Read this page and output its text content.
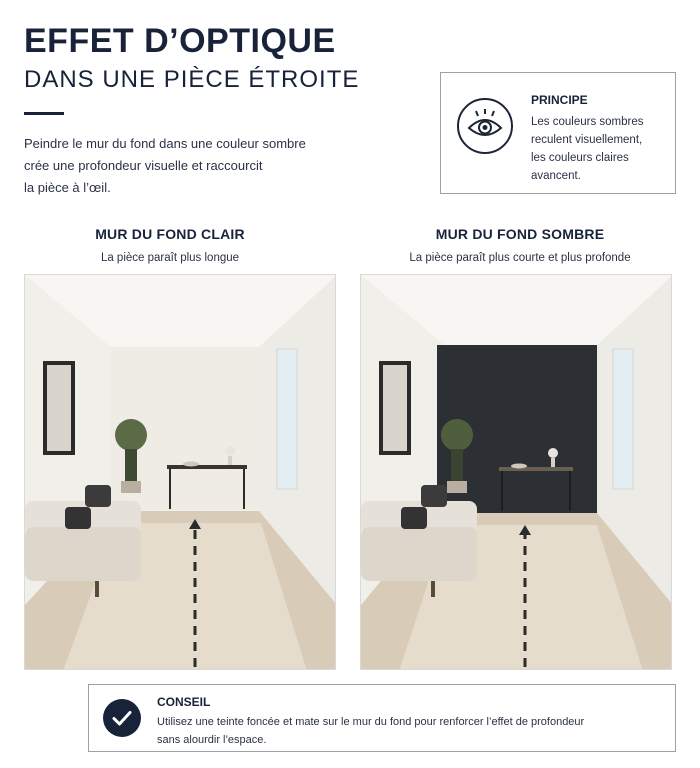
EFFET D’OPTIQUE
DANS UNE PIÈCE ÉTROITE
Peindre le mur du fond dans une couleur sombre
crée une profondeur visuelle et raccourcit
la pièce à l’œil.
PRINCIPE
Les couleurs sombres
reculent visuellement,
les couleurs claires
avancent.
MUR DU FOND CLAIR
La pièce paraît plus longue
MUR DU FOND SOMBRE
La pièce paraît plus courte et plus profonde
CONSEIL
Utilisez une teinte foncée et mate sur le mur du fond pour renforcer l’effet de profondeur
sans alourdir l’espace.
